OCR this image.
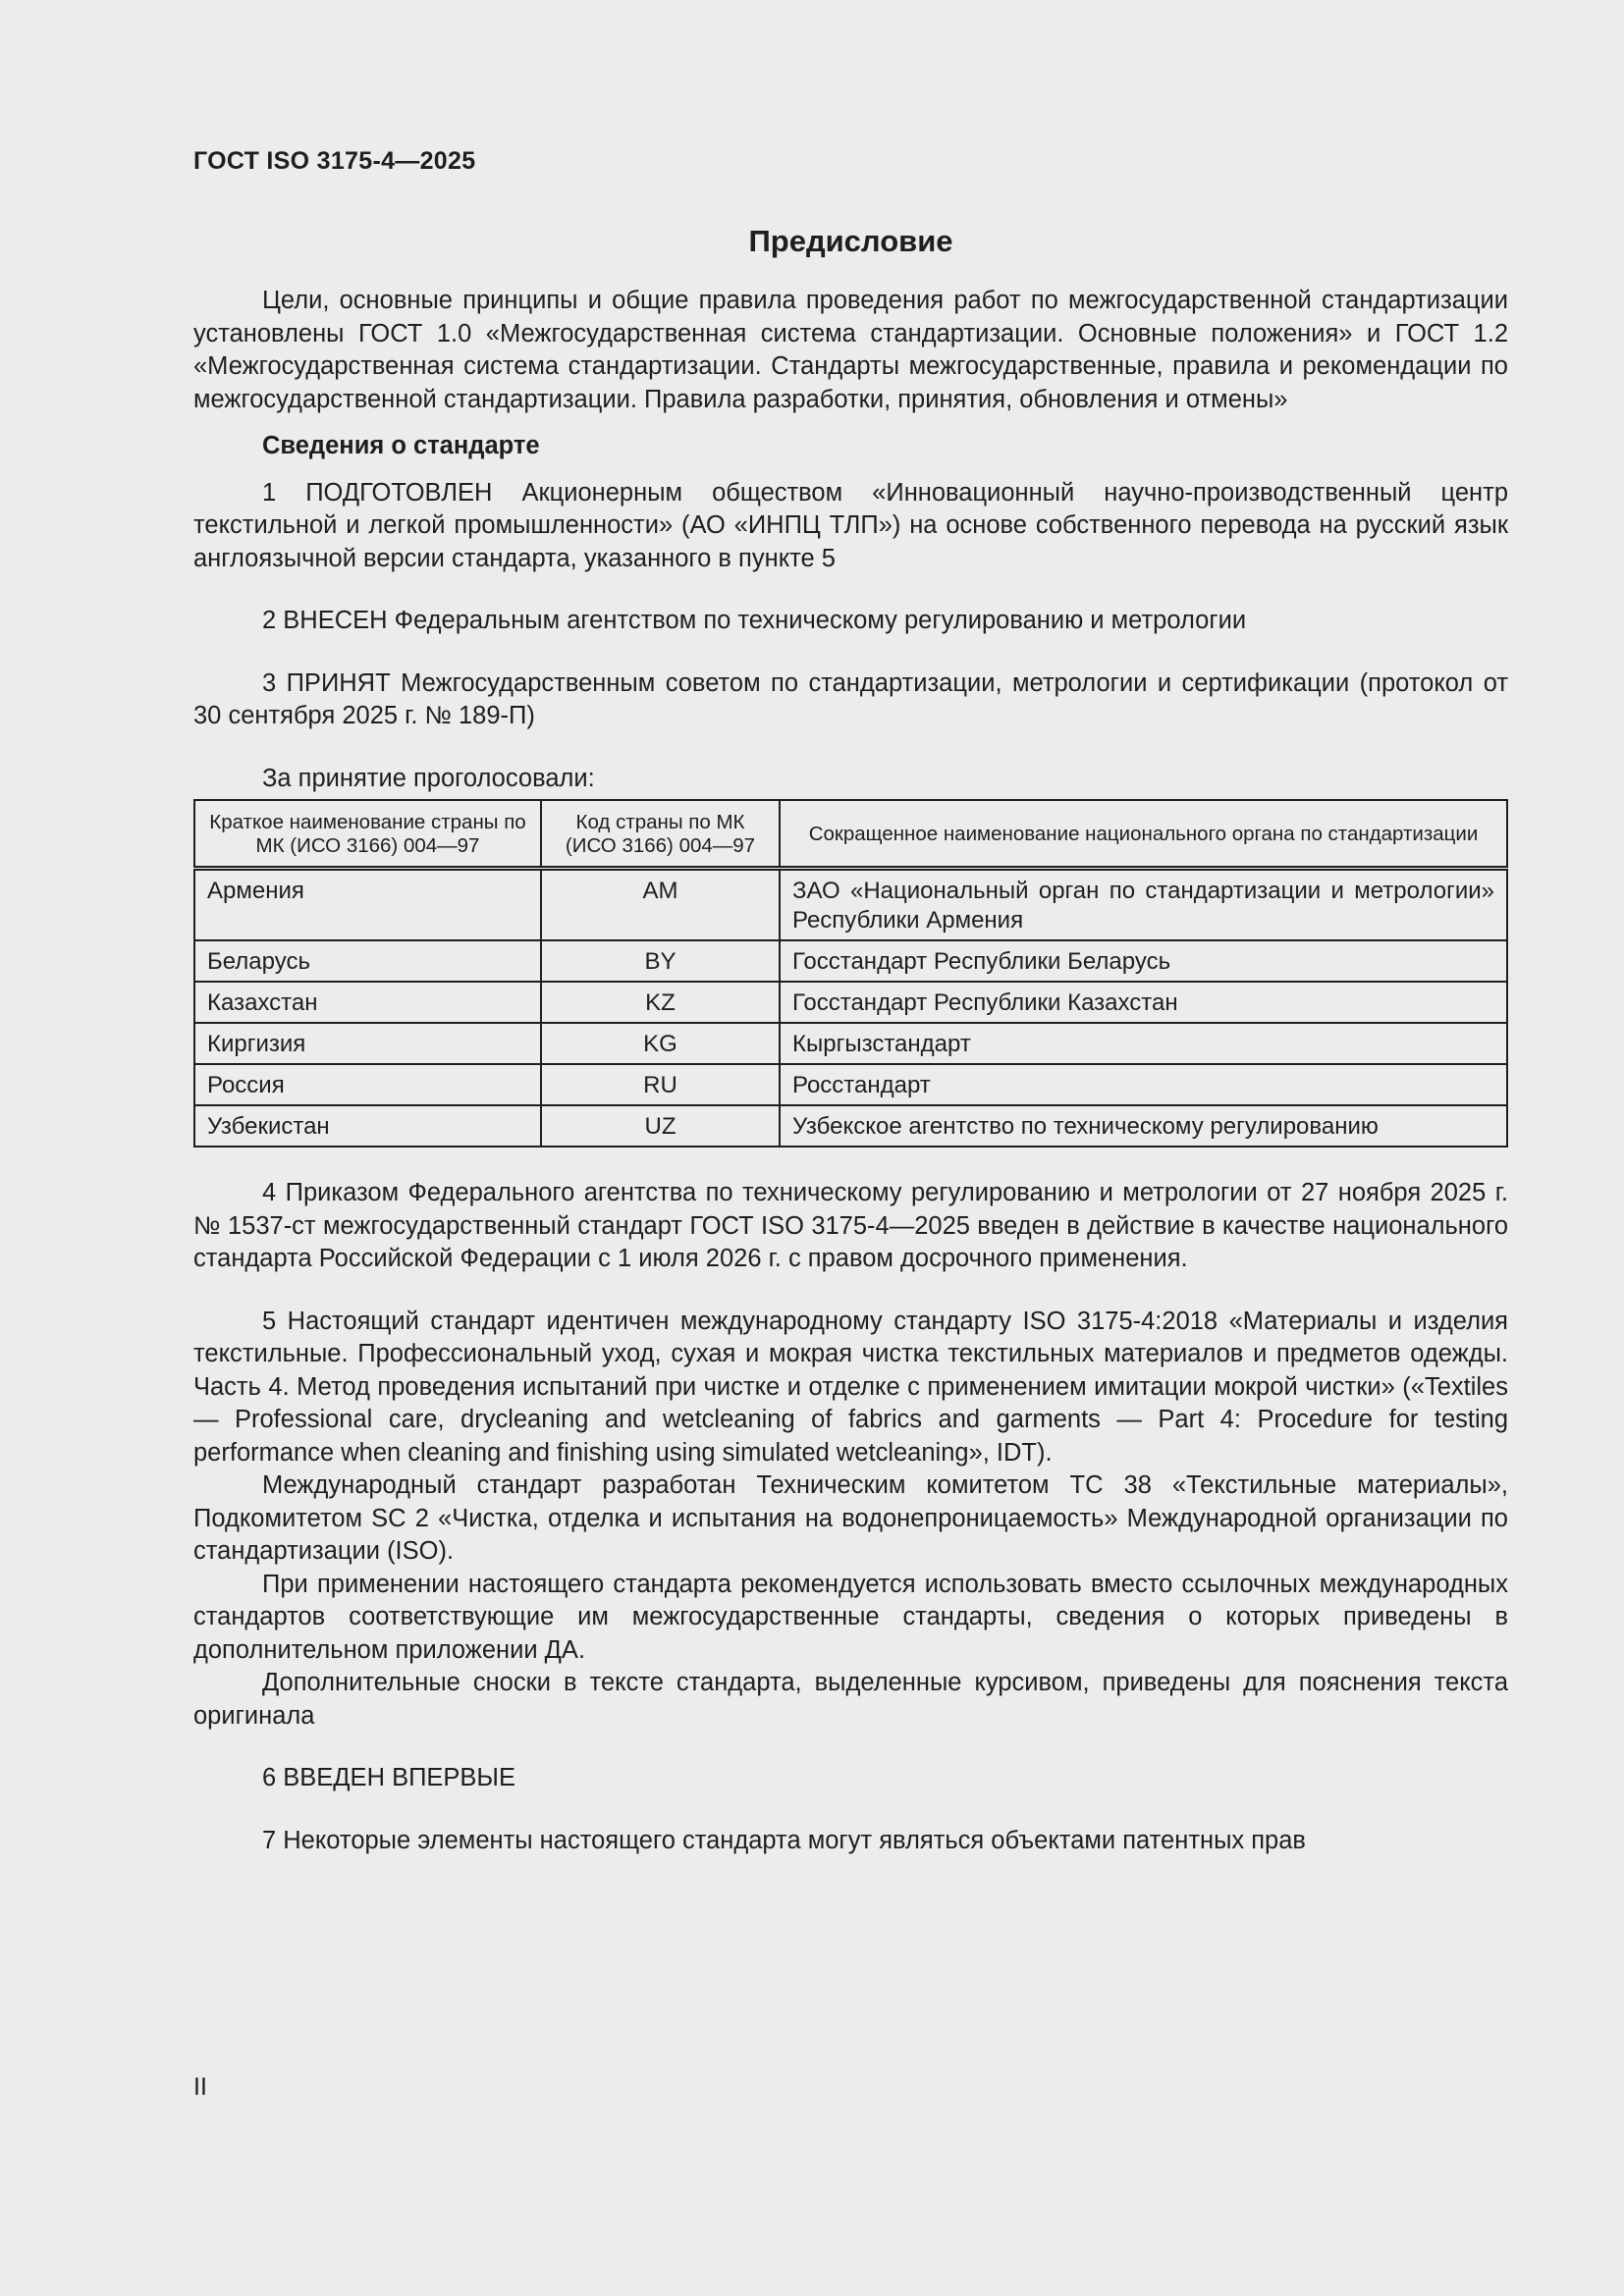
ГОСТ ISO 3175-4—2025
Предисловие

Цели, основные принципы и общие правила проведения работ по межгосударственной стандартизации установлены ГОСТ 1.0 «Межгосударственная система стандартизации. Основные положения» и ГОСТ 1.2 «Межгосударственная система стандартизации. Стандарты межгосударственные, правила и рекомендации по межгосударственной стандартизации. Правила разработки, принятия, обновления и отмены»

Сведения о стандарте

1 ПОДГОТОВЛЕН Акционерным обществом «Инновационный научно-производственный центр текстильной и легкой промышленности» (АО «ИНПЦ ТЛП») на основе собственного перевода на русский язык англоязычной версии стандарта, указанного в пункте 5

2 ВНЕСЕН Федеральным агентством по техническому регулированию и метрологии

3 ПРИНЯТ Межгосударственным советом по стандартизации, метрологии и сертификации (протокол от 30 сентября 2025 г. № 189-П)

За принятие проголосовали:

Краткое наименование страны по МК (ИСО 3166) 004—97	Код страны по МК (ИСО 3166) 004—97	Сокращенное наименование национального органа по стандартизации
Армения	AM	ЗАО «Национальный орган по стандартизации и метрологии» Республики Армения
Беларусь	BY	Госстандарт Республики Беларусь
Казахстан	KZ	Госстандарт Республики Казахстан
Киргизия	KG	Кыргызстандарт
Россия	RU	Росстандарт
Узбекистан	UZ	Узбекское агентство по техническому регулированию

4 Приказом Федерального агентства по техническому регулированию и метрологии от 27 ноября 2025 г. № 1537-ст межгосударственный стандарт ГОСТ ISO 3175-4—2025 введен в действие в качестве национального стандарта Российской Федерации с 1 июля 2026 г. с правом досрочного применения.

5 Настоящий стандарт идентичен международному стандарту ISO 3175-4:2018 «Материалы и изделия текстильные. Профессиональный уход, сухая и мокрая чистка текстильных материалов и предметов одежды. Часть 4. Метод проведения испытаний при чистке и отделке с применением имитации мокрой чистки» («Textiles — Professional care, drycleaning and wetcleaning of fabrics and garments — Part 4: Procedure for testing performance when cleaning and finishing using simulated wetcleaning», IDT).

Международный стандарт разработан Техническим комитетом ТС 38 «Текстильные материалы», Подкомитетом SC 2 «Чистка, отделка и испытания на водонепроницаемость» Международной организации по стандартизации (ISO).

При применении настоящего стандарта рекомендуется использовать вместо ссылочных международных стандартов соответствующие им межгосударственные стандарты, сведения о которых приведены в дополнительном приложении ДА.

Дополнительные сноски в тексте стандарта, выделенные курсивом, приведены для пояснения текста оригинала

6 ВВЕДЕН ВПЕРВЫЕ

7 Некоторые элементы настоящего стандарта могут являться объектами патентных прав

II
